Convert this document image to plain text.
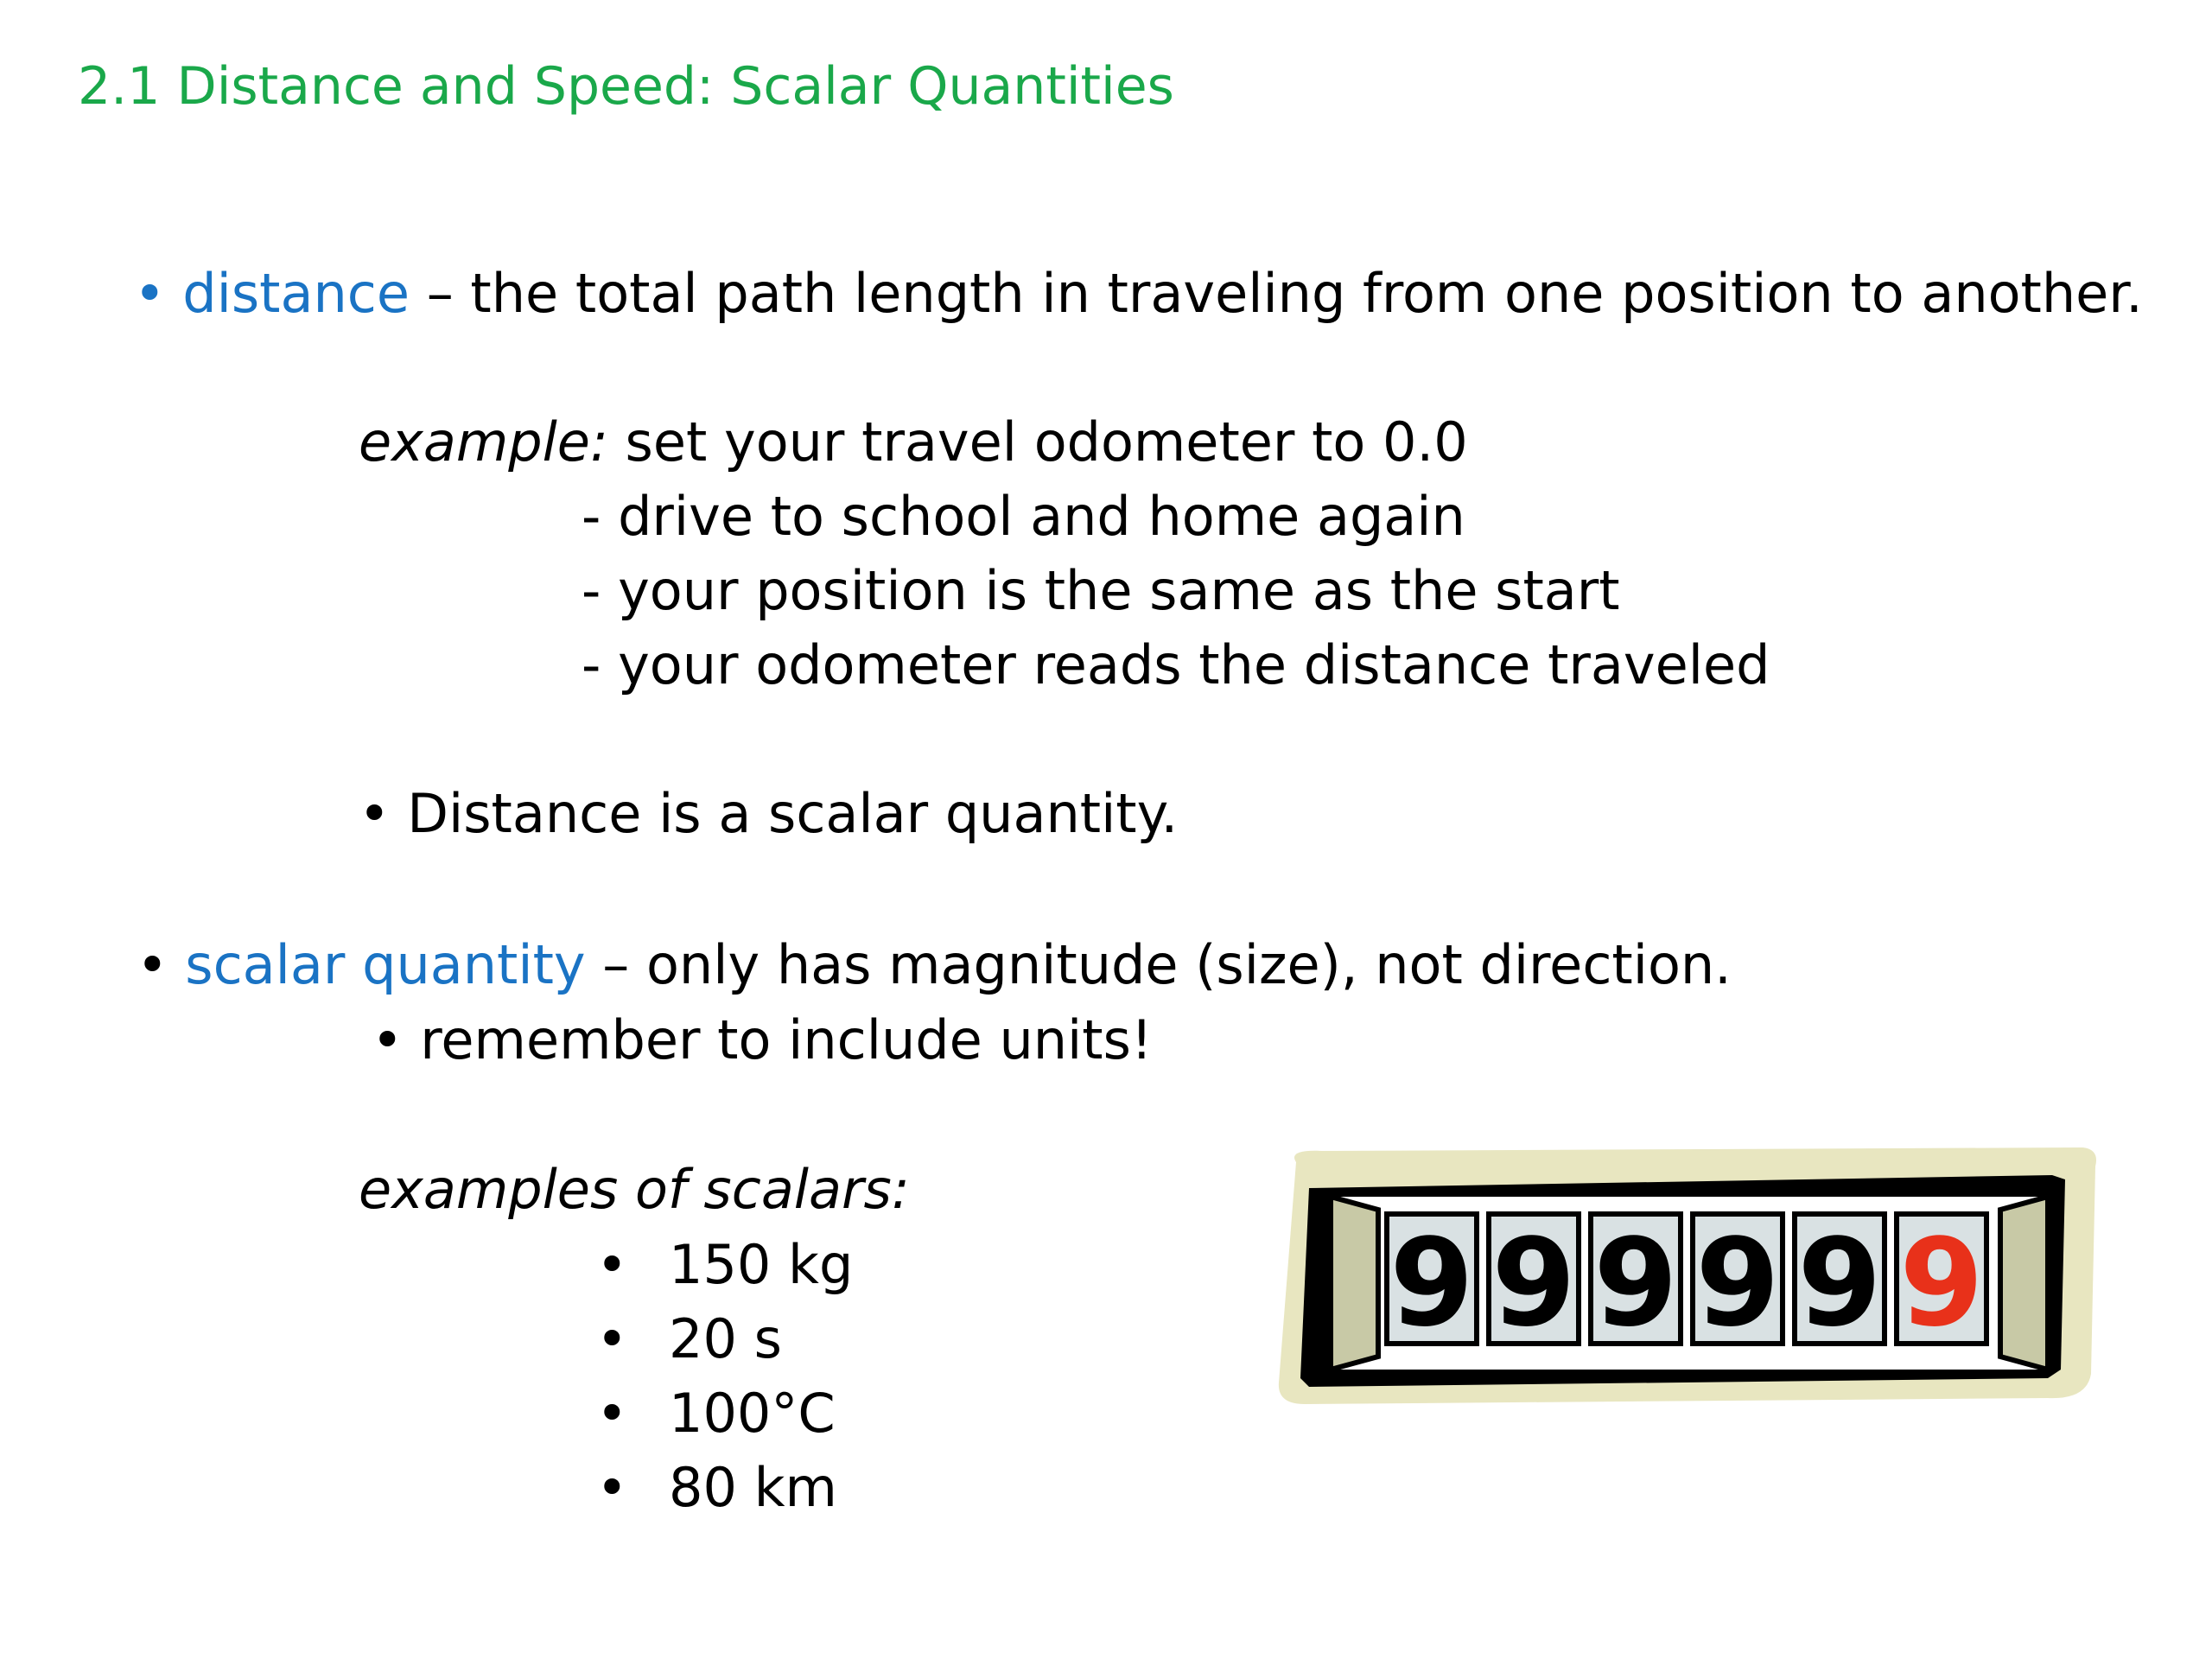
2.1 Distance and Speed: Scalar Quantities
• distance – the total path length in traveling from one position to another.
example: set your travel odometer to 0.0
- drive to school and home again
- your position is the same as the start
- your odometer reads the distance traveled
• Distance is a scalar quantity.
• scalar quantity – only has magnitude (size), not direction.
• remember to include units!
examples of scalars:
• 150 kg
• 20 s
• 100°C
• 80 km
9 9 9 9 9 9
